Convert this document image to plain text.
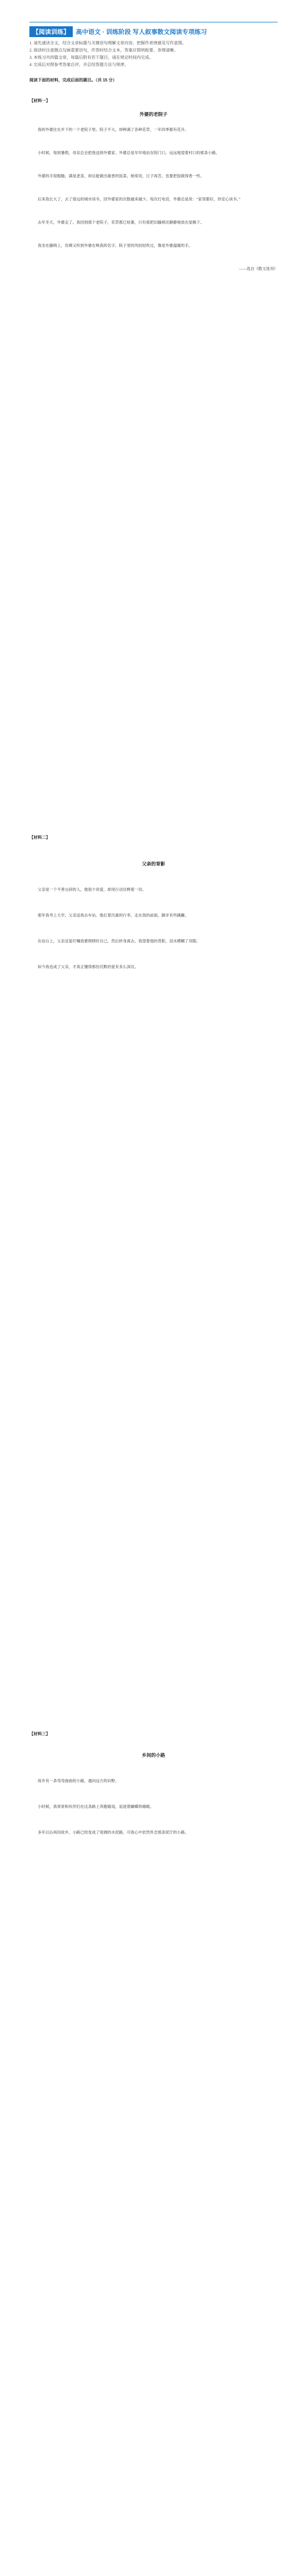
【阅读训练】	高中语文 · 训练阶段 写人叙事散文阅读专项练习

1. 请先通读全文，结合文章标题与关键语句理解文章内容，把握作者情感及写作意图。

2. 阅读时注意圈点勾画重要语句，作答时结合文本，答案应简明扼要、条理清晰。

3. 本练习共四篇文章，每篇后附有若干题目，请在规定时间内完成。

4. 完成后对照参考答案自评，并总结答题方法与规律。

阅读下面的材料，完成后面的题目。（共 15 分）
【材料一】
外婆的老院子
我的外婆住在乡下的一个老院子里。院子不大，却种满了各种花草，一年四季都有花开。
小时候，每到暑假，母亲总会把我送到外婆家。外婆总是早早地站在院门口，远远地望着村口的那条小路。
外婆的手很粗糙，满是老茧，却总能做出最香的饭菜。她常说，日子再苦，也要把饭做得香一些。
后来我长大了，去了很远的城市读书，回外婆家的次数越来越少。每次打电话，外婆总是说：“家里都好，你安心读书。”
去年冬天，外婆走了。我回到那个老院子，花草都已枯萎，只有那把旧藤椅还静静地放在屋檐下。
我坐在藤椅上，仿佛又听到外婆在唤我的名字。院子里的风轻轻吹过，像是外婆温暖的手。
——选自《散文选刊》
【材料二】
父亲的背影
父亲是一个不善言辞的人，他很少说爱，却用行动诠释着一切。
那年我考上大学，父亲送我去车站。他扛着沉重的行李，走在我的前面，脚步有些蹒跚。
在站台上，父亲反复叮嘱我要照顾好自己，然后转身离去。我望着他的背影，泪水模糊了双眼。
如今我也成了父亲，才真正懂得那份沉默的爱有多么深沉。
【材料三】
乡间的小路
故乡有一条弯弯曲曲的小路，通向远方的田野。
小时候，我常常和伙伴们在这条路上奔跑嬉戏，追逐着蝴蝶和蜻蜓。
多年以后再回故乡，小路已经变成了宽阔的水泥路，可我心中依然怀念那条泥泞的小路。
